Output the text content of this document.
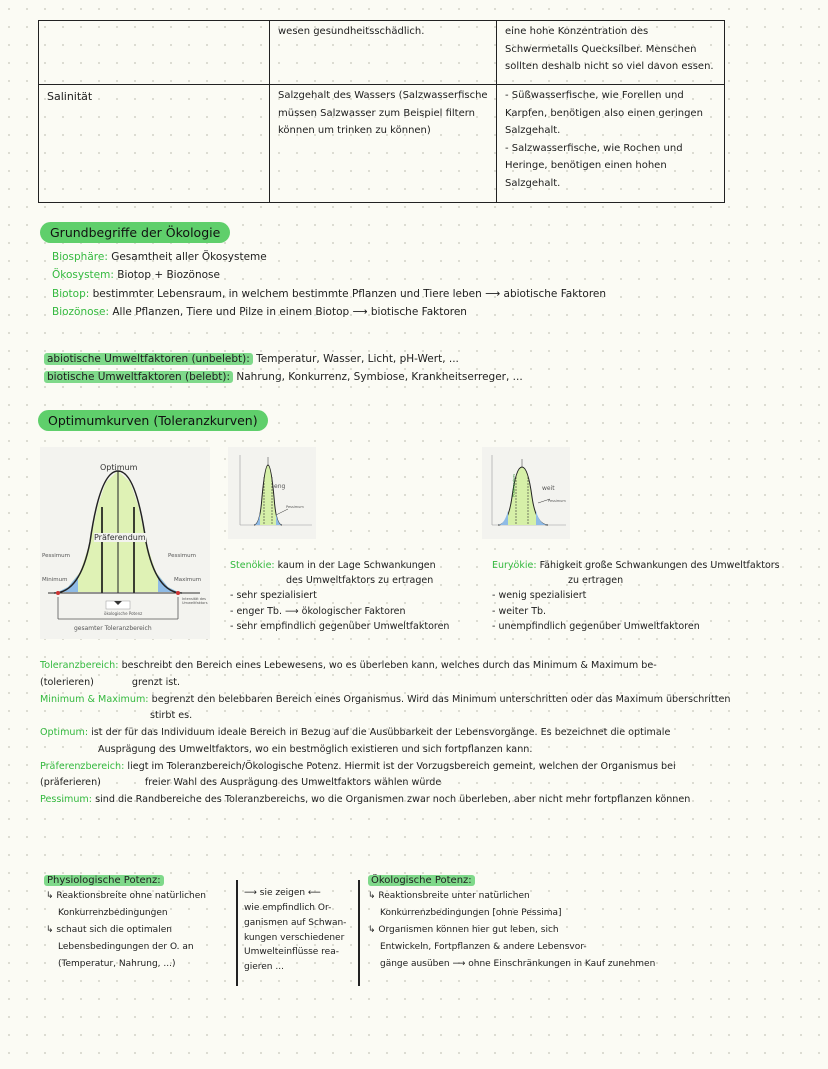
	wesen gesundheitsschädlich.	eine hohe Konzentration des Schwermetalls Quecksilber. Menschen sollten deshalb nicht so viel davon essen.
Salinität	Salzgehalt des Wassers (Salzwasserfische müssen Salzwasser zum Beispiel filtern können um trinken zu können)	- Süßwasserfische, wie Forellen und Karpfen, benötigen also einen geringen Salzgehalt.
- Salzwasserfische, wie Rochen und Heringe, benötigen einen hohen Salzgehalt.
Grundbegriffe der Ökologie
Biosphäre: Gesamtheit aller Ökosysteme
Ökosystem: Biotop + Biozönose
Biotop: bestimmter Lebensraum, in welchem bestimmte Pflanzen und Tiere leben ⟶ abiotische Faktoren
Biozönose: Alle Pflanzen, Tiere und Pilze in einem Biotop ⟶ biotische Faktoren
abiotische Umweltfaktoren (unbelebt): Temperatur, Wasser, Licht, pH-Wert, ...
biotische Umweltfaktoren (belebt): Nahrung, Konkurrenz, Symbiose, Krankheitserreger, ...
Optimumkurven (Toleranzkurven)
Optimum
Präferendum
Pessimum	Pessimum
Minimum	Maximum
ökologische Potenz
Intensität des Umweltfaktors
gesamter Toleranzbereich
eng
Pessimum
weit
Pessimum
Präferendum
Stenökie: kaum in der Lage Schwankungen
des Umweltfaktors zu ertragen
- sehr spezialisiert
- enger Tb. ⟶ ökologischer Faktoren
- sehr empfindlich gegenüber Umweltfaktoren
Euryökie: Fähigkeit große Schwankungen des Umweltfaktors
zu ertragen
- wenig spezialisiert
- weiter Tb.
- unempfindlich gegenüber Umweltfaktoren
Toleranzbereich: beschreibt den Bereich eines Lebewesens, wo es überleben kann, welches durch das Minimum & Maximum be-
(tolerieren)	grenzt ist.
Minimum & Maximum: begrenzt den belebbaren Bereich eines Organismus. Wird das Minimum unterschritten oder das Maximum überschritten
stirbt es.
Optimum: ist der für das Individuum ideale Bereich in Bezug auf die Ausübbarkeit der Lebensvorgänge. Es bezeichnet die optimale
Ausprägung des Umweltfaktors, wo ein bestmöglich existieren und sich fortpflanzen kann.
Präferenzbereich: liegt im Toleranzbereich/Ökologische Potenz. Hiermit ist der Vorzugsbereich gemeint, welchen der Organismus bei
(präferieren)	freier Wahl des Ausprägung des Umweltfaktors wählen würde
Pessimum: sind die Randbereiche des Toleranzbereichs, wo die Organismen zwar noch überleben, aber nicht mehr fortpflanzen können
Physiologische Potenz:
↳ Reaktionsbreite ohne natürlichen
Konkurrenzbedingungen
↳ schaut sich die optimalen
Lebensbedingungen der O. an
(Temperatur, Nahrung, ...)
⟶ sie zeigen ⟵
wie empfindlich Or-
ganismen auf Schwan-
kungen verschiedener
Umwelteinflüsse rea-
gieren ...
Ökologische Potenz:
↳ Reaktionsbreite unter natürlichen
Konkurrenzbedingungen [ohne Pessima]
↳ Organismen können hier gut leben, sich
Entwickeln, Fortpflanzen & andere Lebensvor-
gänge ausüben ⟶ ohne Einschränkungen in Kauf zunehmen
